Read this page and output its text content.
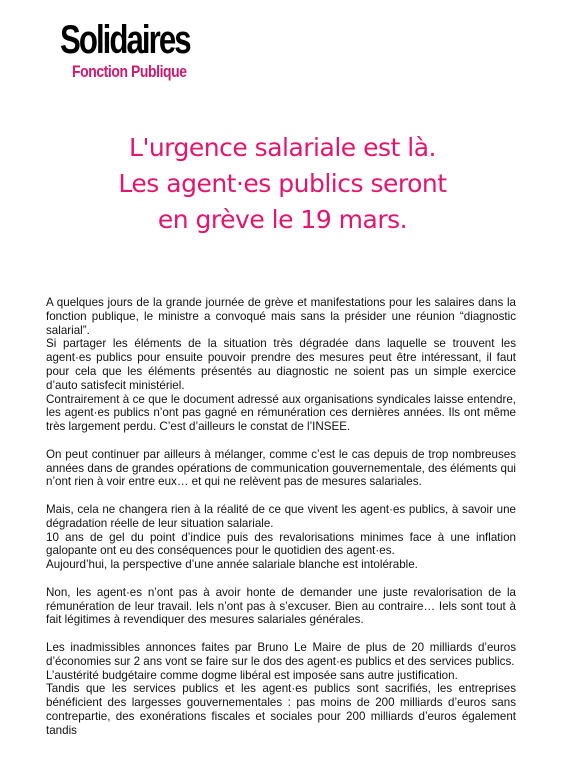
Solidaires
Fonction Publique
L'urgence salariale est là.
Les agent·es publics seront
en grève le 19 mars.

A quelques jours de la grande journée de grève et manifestations pour les salaires dans la fonction publique, le ministre a convoqué mais sans la présider une réunion “diagnostic salarial”.

Si partager les éléments de la situation très dégradée dans laquelle se trouvent les agent·es publics pour ensuite pouvoir prendre des mesures peut être intéressant, il faut pour cela que les éléments présentés au diagnostic ne soient pas un simple exercice d’auto satisfecit ministériel.

Contrairement à ce que le document adressé aux organisations syndicales laisse entendre, les agent·es publics n’ont pas gagné en rémunération ces dernières années. Ils ont même très largement perdu. C’est d’ailleurs le constat de l’INSEE.

On peut continuer par ailleurs à mélanger, comme c’est le cas depuis de trop nombreuses années dans de grandes opérations de communication gouvernementale, des éléments qui n’ont rien à voir entre eux… et qui ne relèvent pas de mesures salariales.

Mais, cela ne changera rien à la réalité de ce que vivent les agent·es publics, à savoir une dégradation réelle de leur situation salariale.

10 ans de gel du point d’indice puis des revalorisations minimes face à une inflation galopante ont eu des conséquences pour le quotidien des agent·es.

Aujourd’hui, la perspective d’une année salariale blanche est intolérable.

Non, les agent·es n’ont pas à avoir honte de demander une juste revalorisation de la rémunération de leur travail. Iels n’ont pas à s’excuser. Bien au contraire… Iels sont tout à fait légitimes à revendiquer des mesures salariales générales.

Les inadmissibles annonces faites par Bruno Le Maire de plus de 20 milliards d’euros d’économies sur 2 ans vont se faire sur le dos des agent·es publics et des services publics.

L’austérité budgétaire comme dogme libéral est imposée sans autre justification.

Tandis que les services publics et les agent·es publics sont sacrifiés, les entreprises bénéficient des largesses gouvernementales : pas moins de 200 milliards d’euros sans contrepartie, des exonérations fiscales et sociales pour 200 milliards d’euros également tandis
